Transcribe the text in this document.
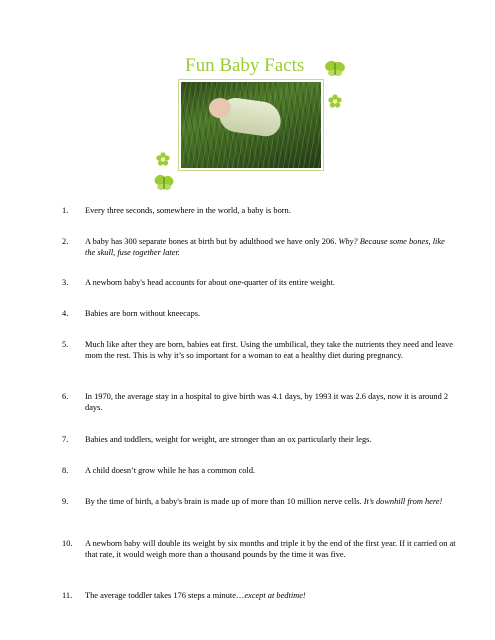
Fun Baby Facts
1.	Every three seconds, somewhere in the world, a baby is born.
2.	A baby has 300 separate bones at birth but by adulthood we have only 206. Why? Because some bones, like the skull, fuse together later.
3.	A newborn baby's head accounts for about one-quarter of its entire weight.
4.	Babies are born without kneecaps.
5.	Much like after they are born, babies eat first. Using the umbilical, they take the nutrients they need and leave mom the rest. This is why it’s so important for a woman to eat a healthy diet during pregnancy.
6.	In 1970, the average stay in a hospital to give birth was 4.1 days, by 1993 it was 2.6 days, now it is around 2 days.
7.	Babies and toddlers, weight for weight, are stronger than an ox particularly their legs.
8.	A child doesn’t grow while he has a common cold.
9.	By the time of birth, a baby's brain is made up of more than 10 million nerve cells. It’s downhill from here!
10.	A newborn baby will double its weight by six months and triple it by the end of the first year. If it carried on at that rate, it would weigh more than a thousand pounds by the time it was five.
11.	The average toddler takes 176 steps a minute…except at bedtime!
